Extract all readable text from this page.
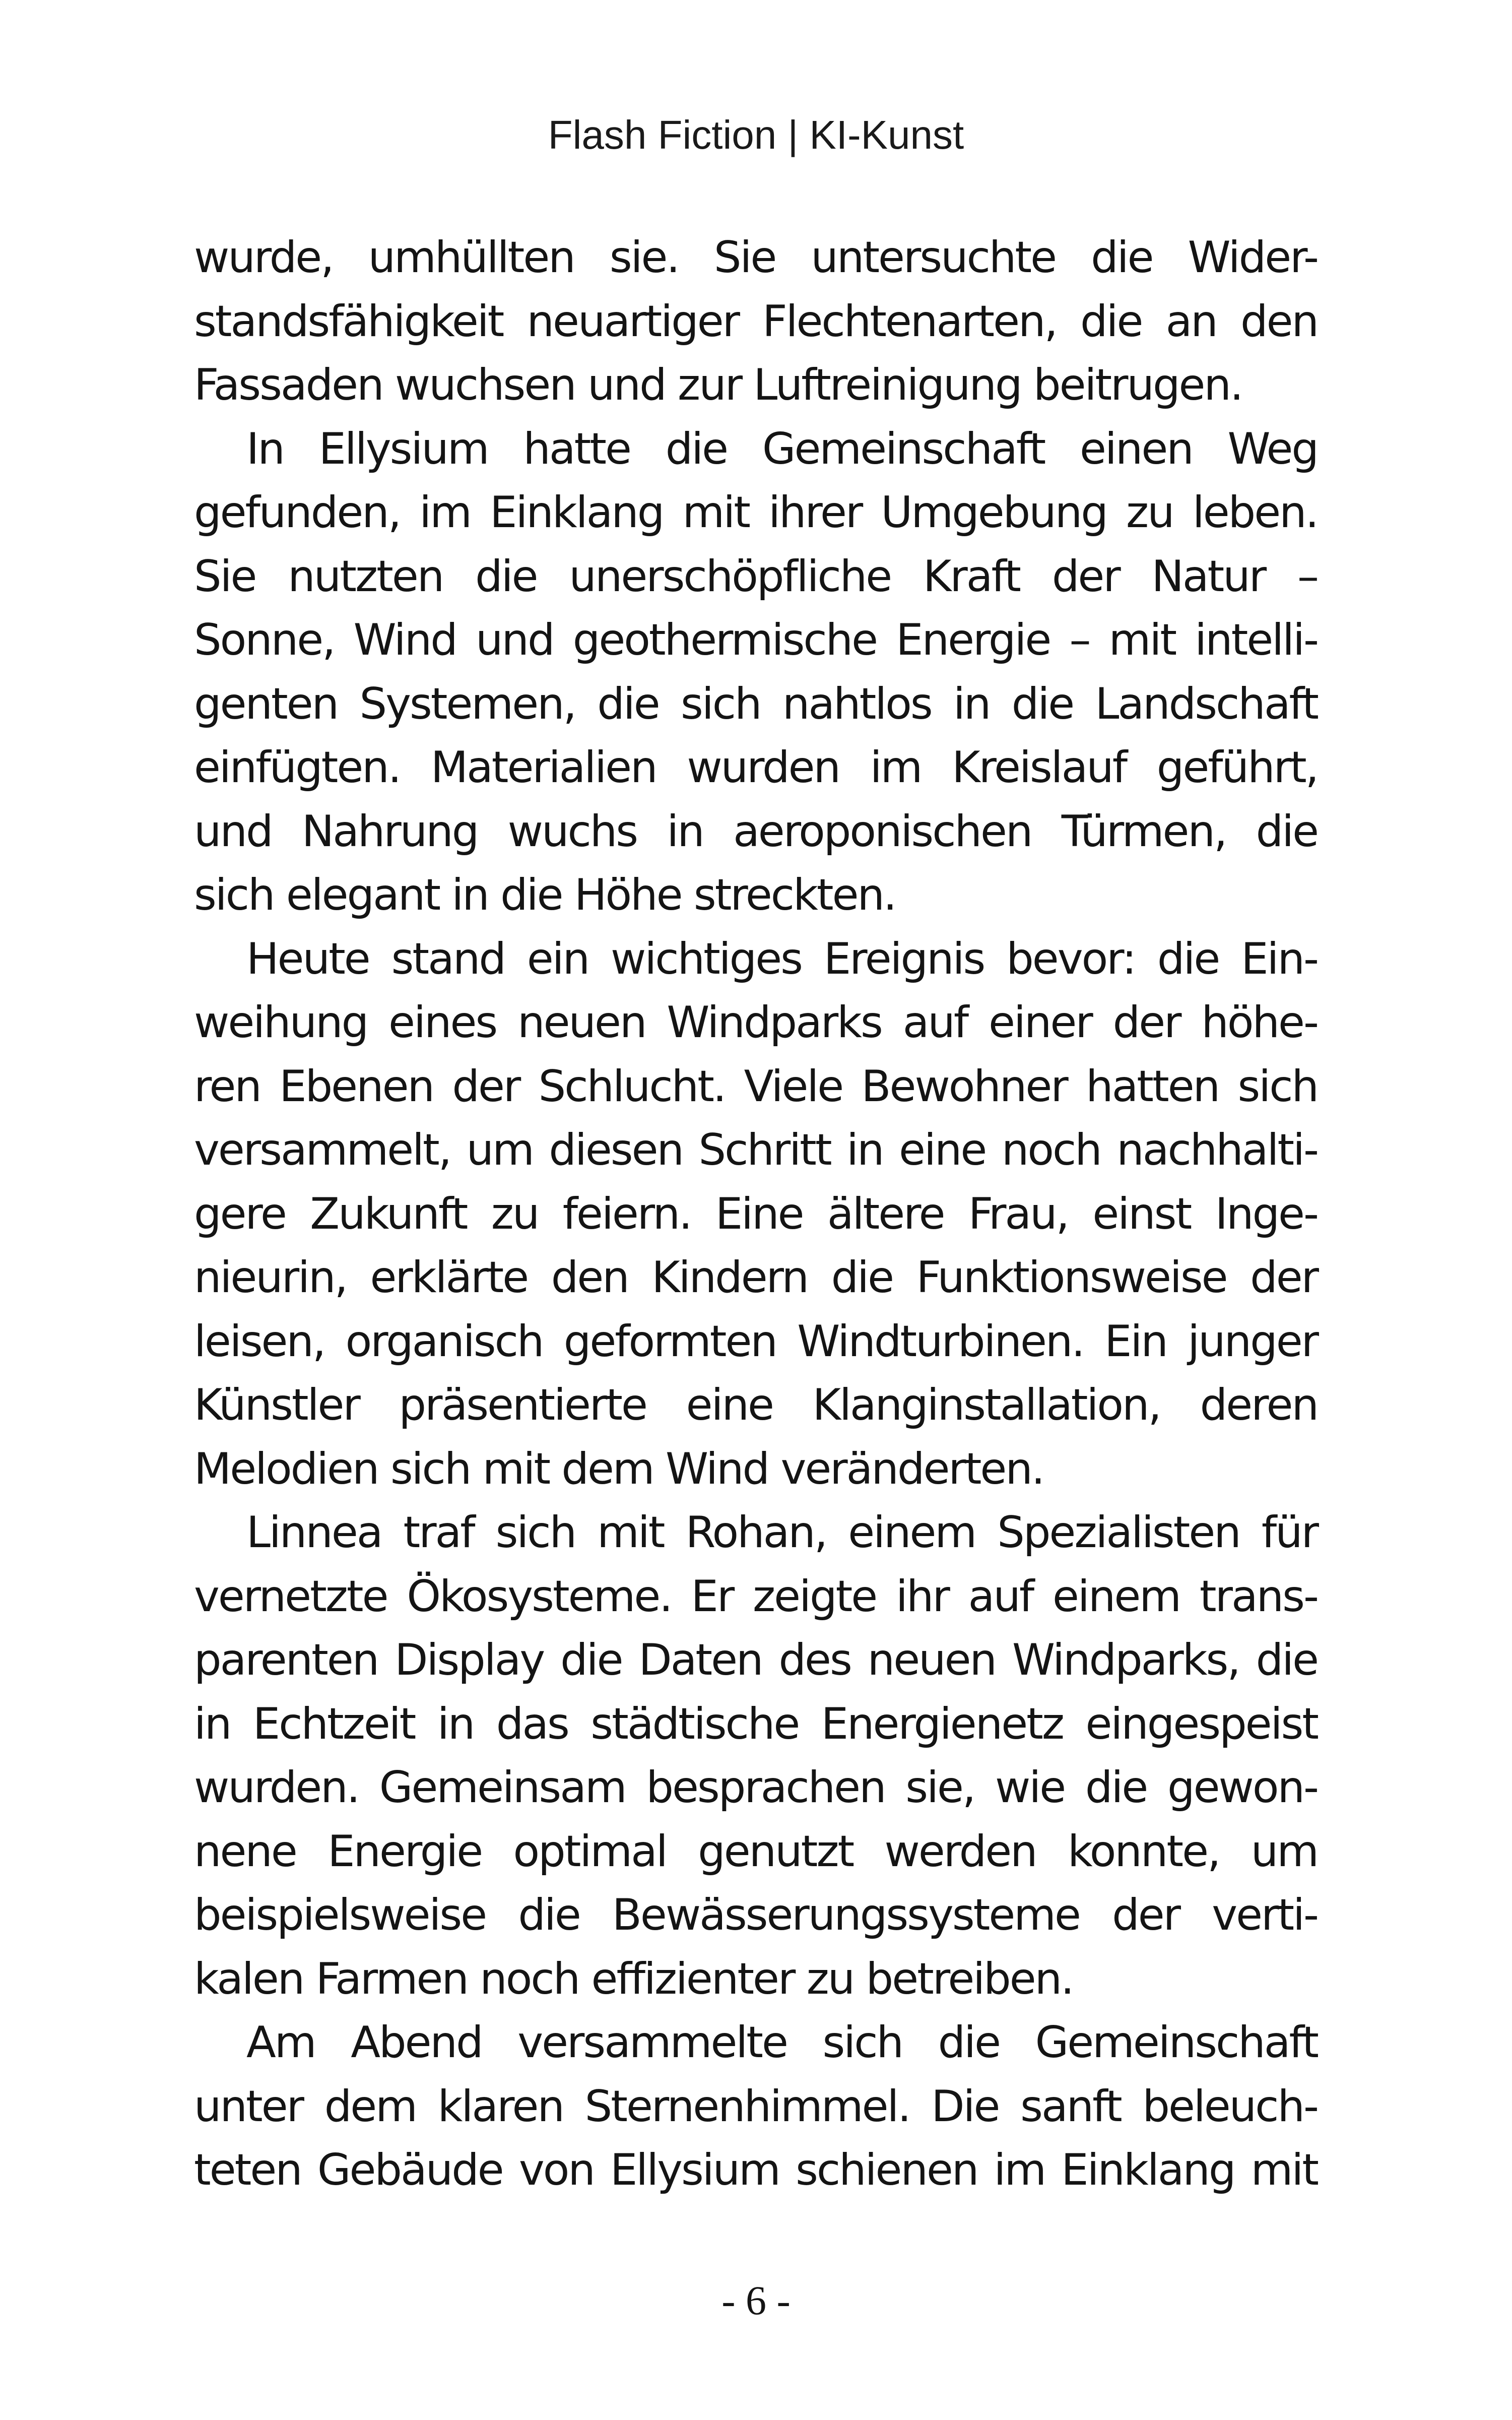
Flash Fiction | KI-Kunst
wurde, umhüllten sie. Sie untersuchte die Wider-
standsfähigkeit neuartiger Flechtenarten, die an den
Fassaden wuchsen und zur Luftreinigung beitrugen.
In Ellysium hatte die Gemeinschaft einen Weg
gefunden, im Einklang mit ihrer Umgebung zu leben.
Sie nutzten die unerschöpfliche Kraft der Natur –
Sonne, Wind und geothermische Energie – mit intelli-
genten Systemen, die sich nahtlos in die Landschaft
einfügten. Materialien wurden im Kreislauf geführt,
und Nahrung wuchs in aeroponischen Türmen, die
sich elegant in die Höhe streckten.
Heute stand ein wichtiges Ereignis bevor: die Ein-
weihung eines neuen Windparks auf einer der höhe-
ren Ebenen der Schlucht. Viele Bewohner hatten sich
versammelt, um diesen Schritt in eine noch nachhalti-
gere Zukunft zu feiern. Eine ältere Frau, einst Inge-
nieurin, erklärte den Kindern die Funktionsweise der
leisen, organisch geformten Windturbinen. Ein junger
Künstler präsentierte eine Klanginstallation, deren
Melodien sich mit dem Wind veränderten.
Linnea traf sich mit Rohan, einem Spezialisten für
vernetzte Ökosysteme. Er zeigte ihr auf einem trans-
parenten Display die Daten des neuen Windparks, die
in Echtzeit in das städtische Energienetz eingespeist
wurden. Gemeinsam besprachen sie, wie die gewon-
nene Energie optimal genutzt werden konnte, um
beispielsweise die Bewässerungssysteme der verti-
kalen Farmen noch effizienter zu betreiben.
Am Abend versammelte sich die Gemeinschaft
unter dem klaren Sternenhimmel. Die sanft beleuch-
teten Gebäude von Ellysium schienen im Einklang mit
- 6 -
